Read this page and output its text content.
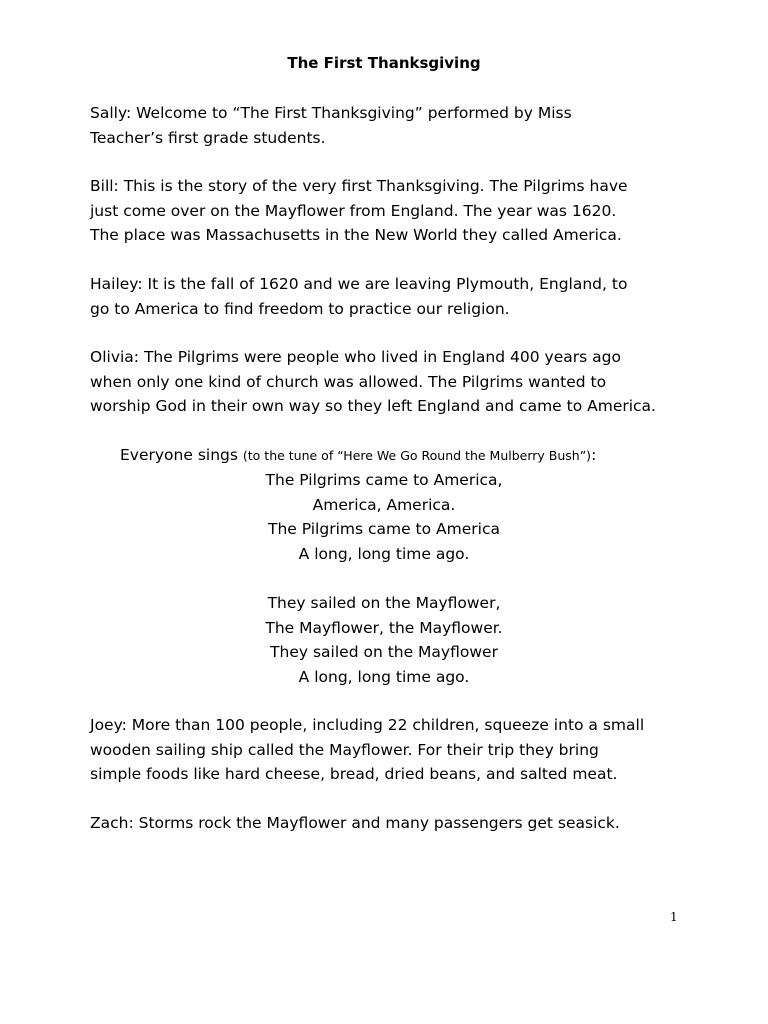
The First Thanksgiving
Sally: Welcome to “The First Thanksgiving” performed by Miss
Teacher’s first grade students.
Bill: This is the story of the very first Thanksgiving. The Pilgrims have
just come over on the Mayflower from England. The year was 1620.
The place was Massachusetts in the New World they called America.
Hailey: It is the fall of 1620 and we are leaving Plymouth, England, to
go to America to find freedom to practice our religion.
Olivia: The Pilgrims were people who lived in England 400 years ago
when only one kind of church was allowed. The Pilgrims wanted to
worship God in their own way so they left England and came to America.
Everyone sings (to the tune of “Here We Go Round the Mulberry Bush”):
The Pilgrims came to America,
America, America.
The Pilgrims came to America
A long, long time ago.
They sailed on the Mayflower,
The Mayflower, the Mayflower.
They sailed on the Mayflower
A long, long time ago.
Joey: More than 100 people, including 22 children, squeeze into a small
wooden sailing ship called the Mayflower. For their trip they bring
simple foods like hard cheese, bread, dried beans, and salted meat.
Zach: Storms rock the Mayflower and many passengers get seasick.
1
